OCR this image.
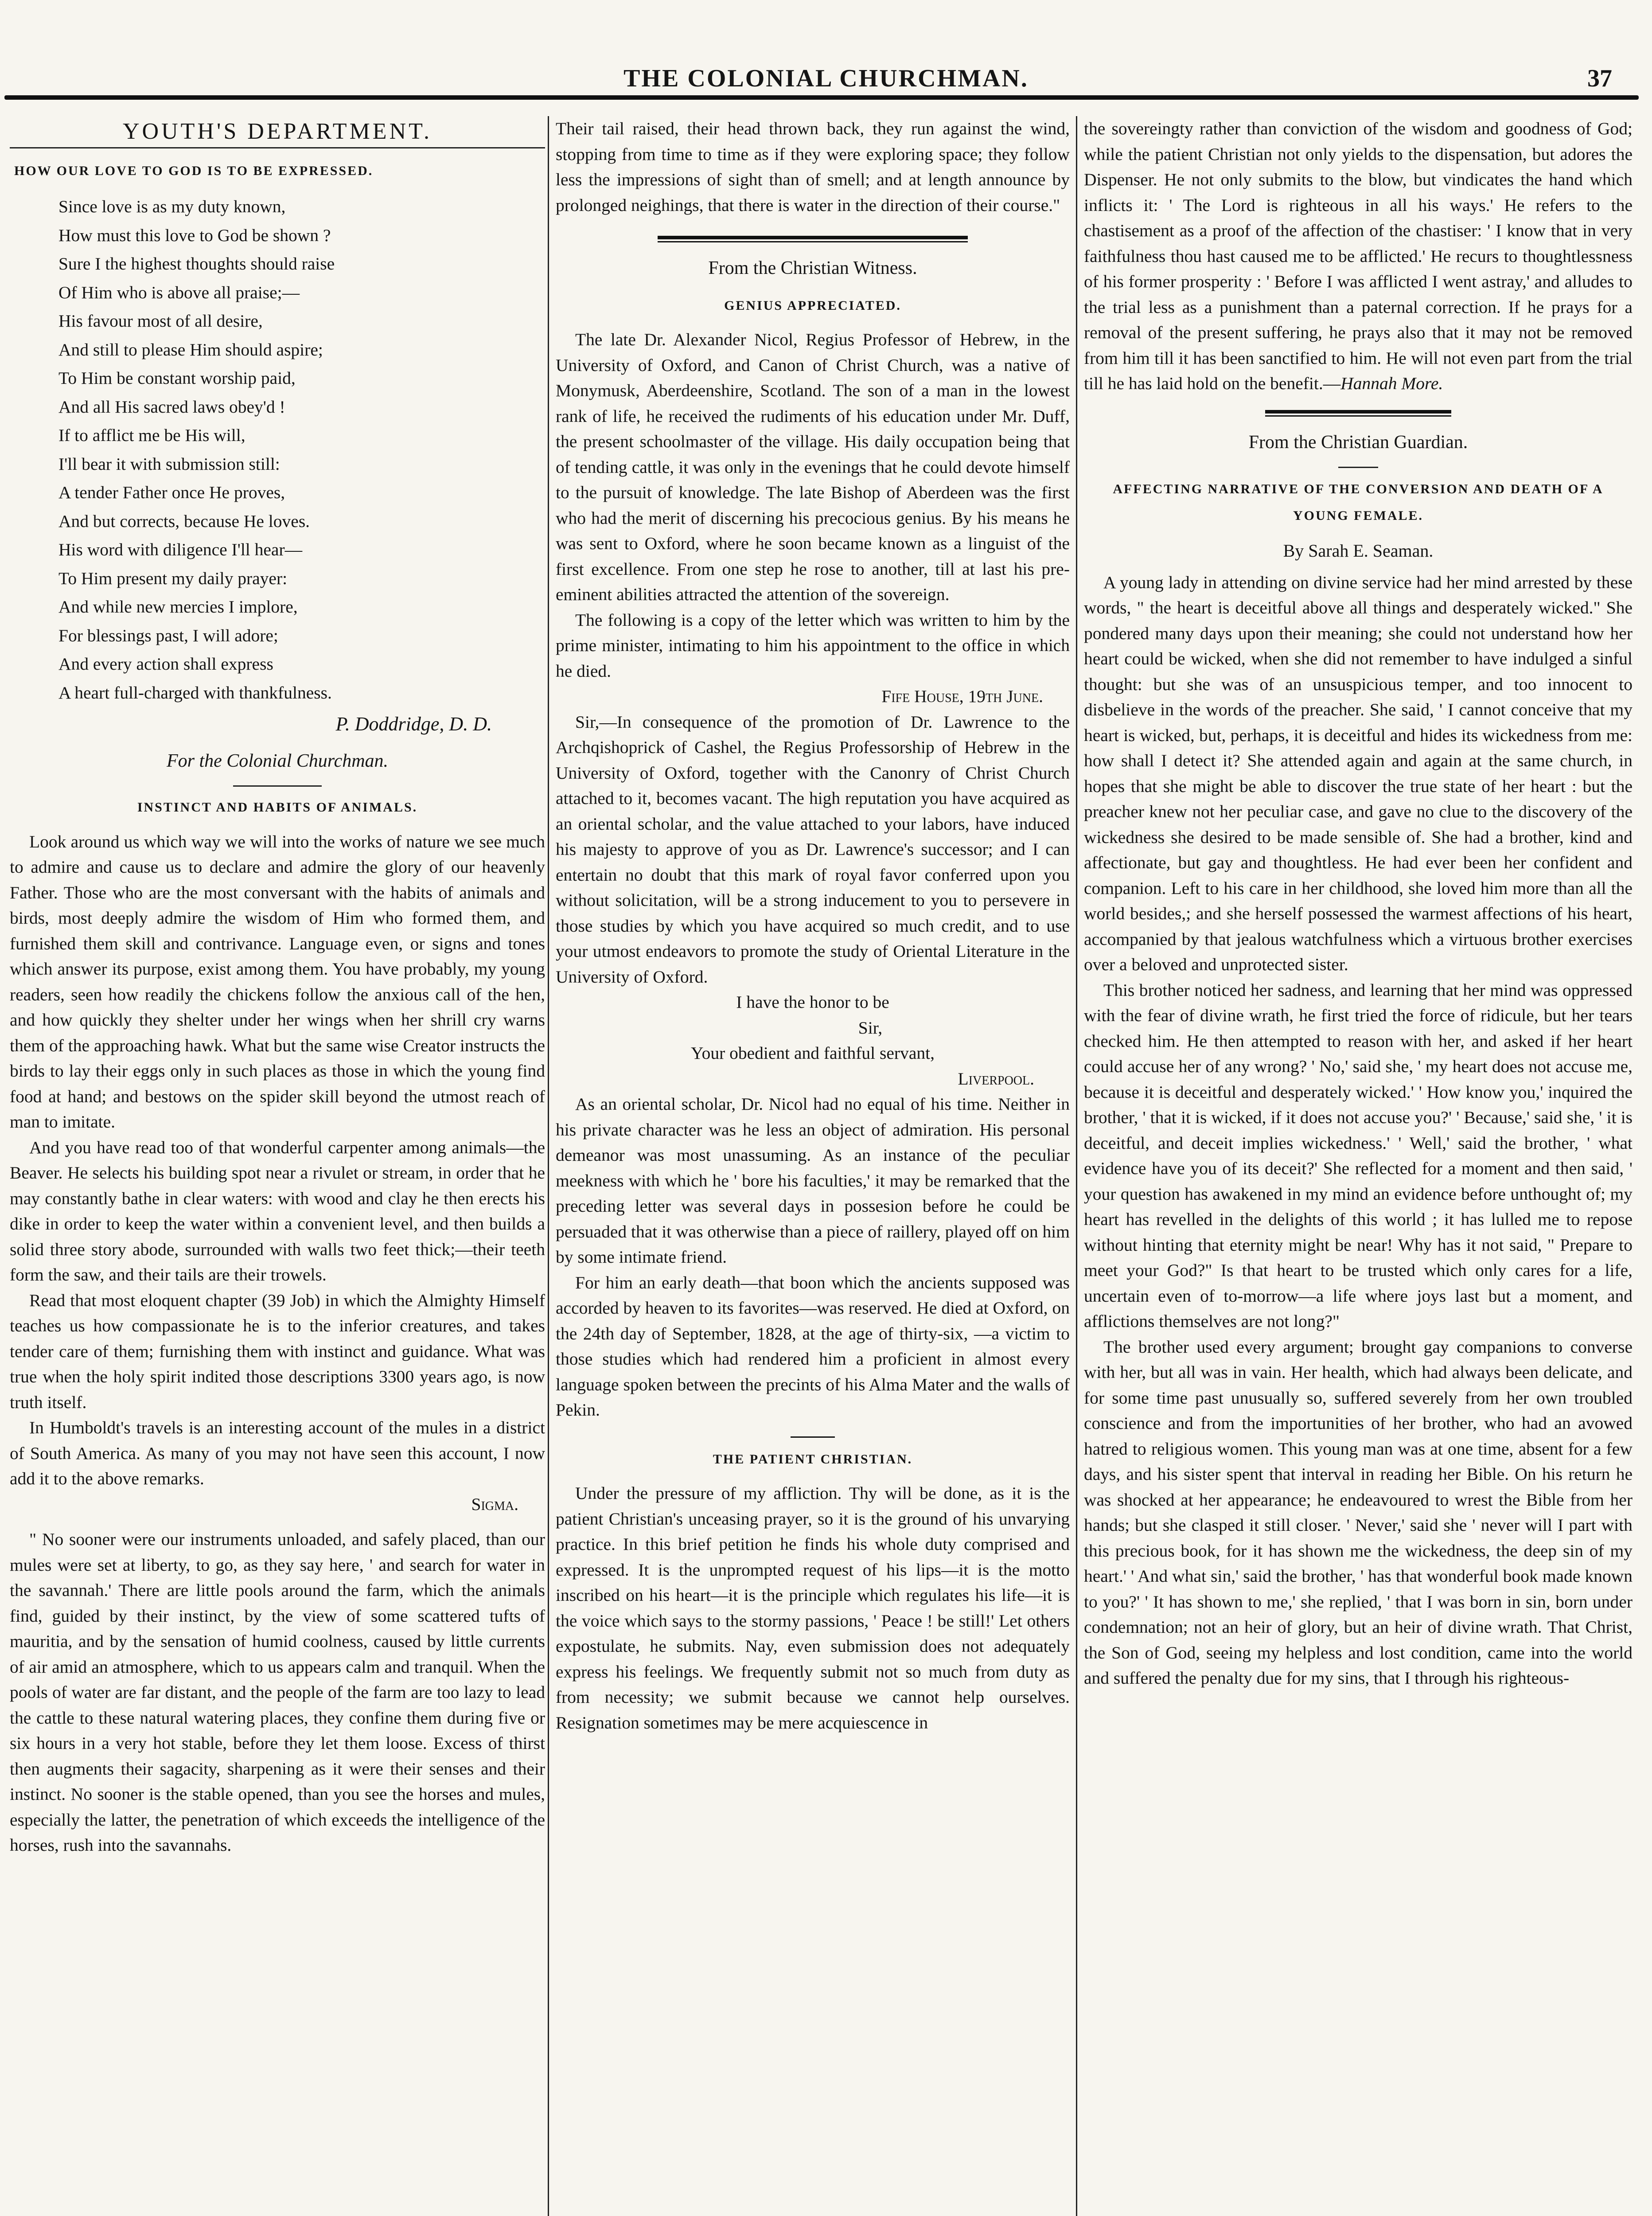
THE COLONIAL CHURCHMAN.	37
YOUTH'S DEPARTMENT.
HOW OUR LOVE TO GOD IS TO BE EXPRESSED.
Since love is as my duty known,
How must this love to God be shown ?
Sure I the highest thoughts should raise
Of Him who is above all praise;—
His favour most of all desire,
And still to please Him should aspire;
To Him be constant worship paid,
And all His sacred laws obey'd !
If to afflict me be His will,
I'll bear it with submission still:
A tender Father once He proves,
And but corrects, because He loves.
His word with diligence I'll hear—
To Him present my daily prayer:
And while new mercies I implore,
For blessings past, I will adore;
And every action shall express
A heart full-charged with thankfulness.
P. Doddridge, D. D.
For the Colonial Churchman.
INSTINCT AND HABITS OF ANIMALS.

Look around us which way we will into the works of nature we see much to admire and cause us to declare and admire the glory of our heavenly Father. Those who are the most conversant with the habits of animals and birds, most deeply admire the wisdom of Him who formed them, and furnished them skill and contrivance. Language even, or signs and tones which answer its purpose, exist among them. You have probably, my young readers, seen how readily the chickens follow the anxious call of the hen, and how quickly they shelter under her wings when her shrill cry warns them of the approaching hawk. What but the same wise Creator instructs the birds to lay their eggs only in such places as those in which the young find food at hand; and bestows on the spider skill beyond the utmost reach of man to imitate.

And you have read too of that wonderful carpenter among animals—the Beaver. He selects his building spot near a rivulet or stream, in order that he may constantly bathe in clear waters: with wood and clay he then erects his dike in order to keep the water within a convenient level, and then builds a solid three story abode, surrounded with walls two feet thick;—their teeth form the saw, and their tails are their trowels.

Read that most eloquent chapter (39 Job) in which the Almighty Himself teaches us how compassionate he is to the inferior creatures, and takes tender care of them; furnishing them with instinct and guidance. What was true when the holy spirit indited those descriptions 3300 years ago, is now truth itself.

In Humboldt's travels is an interesting account of the mules in a district of South America. As many of you may not have seen this account, I now add it to the above remarks.

Sigma.

" No sooner were our instruments unloaded, and safely placed, than our mules were set at liberty, to go, as they say here, ' and search for water in the savannah.' There are little pools around the farm, which the animals find, guided by their instinct, by the view of some scattered tufts of mauritia, and by the sensation of humid coolness, caused by little currents of air amid an atmosphere, which to us appears calm and tranquil. When the pools of water are far distant, and the people of the farm are too lazy to lead the cattle to these natural watering places, they confine them during five or six hours in a very hot stable, before they let them loose. Excess of thirst then augments their sagacity, sharpening as it were their senses and their instinct. No sooner is the stable opened, than you see the horses and mules, especially the latter, the penetration of which exceeds the intelligence of the horses, rush into the savannahs.

Their tail raised, their head thrown back, they run against the wind, stopping from time to time as if they were exploring space; they follow less the impressions of sight than of smell; and at length announce by prolonged neighings, that there is water in the direction of their course."

From the Christian Witness.
GENIUS APPRECIATED.

The late Dr. Alexander Nicol, Regius Professor of Hebrew, in the University of Oxford, and Canon of Christ Church, was a native of Monymusk, Aberdeenshire, Scotland. The son of a man in the lowest rank of life, he received the rudiments of his education under Mr. Duff, the present schoolmaster of the village. His daily occupation being that of tending cattle, it was only in the evenings that he could devote himself to the pursuit of knowledge. The late Bishop of Aberdeen was the first who had the merit of discerning his precocious genius. By his means he was sent to Oxford, where he soon became known as a linguist of the first excellence. From one step he rose to another, till at last his pre-eminent abilities attracted the attention of the sovereign.

The following is a copy of the letter which was written to him by the prime minister, intimating to him his appointment to the office in which he died.

Fife House, 19th June.

Sir,—In consequence of the promotion of Dr. Lawrence to the Archqishoprick of Cashel, the Regius Professorship of Hebrew in the University of Oxford, together with the Canonry of Christ Church attached to it, becomes vacant. The high reputation you have acquired as an oriental scholar, and the value attached to your labors, have induced his majesty to approve of you as Dr. Lawrence's successor; and I can entertain no doubt that this mark of royal favor conferred upon you without solicitation, will be a strong inducement to you to persevere in those studies by which you have acquired so much credit, and to use your utmost endeavors to promote the study of Oriental Literature in the University of Oxford.

I have the honor to be

Sir,

Your obedient and faithful servant,

Liverpool.

As an oriental scholar, Dr. Nicol had no equal of his time. Neither in his private character was he less an object of admiration. His personal demeanor was most unassuming. As an instance of the peculiar meekness with which he ' bore his faculties,' it may be remarked that the preceding letter was several days in possesion before he could be persuaded that it was otherwise than a piece of raillery, played off on him by some intimate friend.

For him an early death—that boon which the ancients supposed was accorded by heaven to its favorites—was reserved. He died at Oxford, on the 24th day of September, 1828, at the age of thirty-six, —a victim to those studies which had rendered him a proficient in almost every language spoken between the precints of his Alma Mater and the walls of Pekin.

THE PATIENT CHRISTIAN.

Under the pressure of my affliction. Thy will be done, as it is the patient Christian's unceasing prayer, so it is the ground of his unvarying practice. In this brief petition he finds his whole duty comprised and expressed. It is the unprompted request of his lips—it is the motto inscribed on his heart—it is the principle which regulates his life—it is the voice which says to the stormy passions, ' Peace ! be still!' Let others expostulate, he submits. Nay, even submission does not adequately express his feelings. We frequently submit not so much from duty as from necessity; we submit because we cannot help ourselves. Resignation sometimes may be mere acquiescence in

the sovereingty rather than conviction of the wisdom and goodness of God; while the patient Christian not only yields to the dispensation, but adores the Dispenser. He not only submits to the blow, but vindicates the hand which inflicts it: ' The Lord is righteous in all his ways.' He refers to the chastisement as a proof of the affection of the chastiser: ' I know that in very faithfulness thou hast caused me to be afflicted.' He recurs to thoughtlessness of his former prosperity : ' Before I was afflicted I went astray,' and alludes to the trial less as a punishment than a paternal correction. If he prays for a removal of the present suffering, he prays also that it may not be removed from him till it has been sanctified to him. He will not even part from the trial till he has laid hold on the benefit.—Hannah More.

From the Christian Guardian.
AFFECTING NARRATIVE OF THE CONVERSION AND DEATH OF A YOUNG FEMALE.
By Sarah E. Seaman.

A young lady in attending on divine service had her mind arrested by these words, " the heart is deceitful above all things and desperately wicked." She pondered many days upon their meaning; she could not understand how her heart could be wicked, when she did not remember to have indulged a sinful thought: but she was of an unsuspicious temper, and too innocent to disbelieve in the words of the preacher. She said, ' I cannot conceive that my heart is wicked, but, perhaps, it is deceitful and hides its wickedness from me: how shall I detect it? She attended again and again at the same church, in hopes that she might be able to discover the true state of her heart : but the preacher knew not her peculiar case, and gave no clue to the discovery of the wickedness she desired to be made sensible of. She had a brother, kind and affectionate, but gay and thoughtless. He had ever been her confident and companion. Left to his care in her childhood, she loved him more than all the world besides,; and she herself possessed the warmest affections of his heart, accompanied by that jealous watchfulness which a virtuous brother exercises over a beloved and unprotected sister.

This brother noticed her sadness, and learning that her mind was oppressed with the fear of divine wrath, he first tried the force of ridicule, but her tears checked him. He then attempted to reason with her, and asked if her heart could accuse her of any wrong? ' No,' said she, ' my heart does not accuse me, because it is deceitful and desperately wicked.' ' How know you,' inquired the brother, ' that it is wicked, if it does not accuse you?' ' Because,' said she, ' it is deceitful, and deceit implies wickedness.' ' Well,' said the brother, ' what evidence have you of its deceit?' She reflected for a moment and then said, ' your question has awakened in my mind an evidence before unthought of; my heart has revelled in the delights of this world ; it has lulled me to repose without hinting that eternity might be near! Why has it not said, " Prepare to meet your God?" Is that heart to be trusted which only cares for a life, uncertain even of to-morrow—a life where joys last but a moment, and afflictions themselves are not long?"

The brother used every argument; brought gay companions to converse with her, but all was in vain. Her health, which had always been delicate, and for some time past unusually so, suffered severely from her own troubled conscience and from the importunities of her brother, who had an avowed hatred to religious women. This young man was at one time, absent for a few days, and his sister spent that interval in reading her Bible. On his return he was shocked at her appearance; he endeavoured to wrest the Bible from her hands; but she clasped it still closer. ' Never,' said she ' never will I part with this precious book, for it has shown me the wickedness, the deep sin of my heart.' ' And what sin,' said the brother, ' has that wonderful book made known to you?' ' It has shown to me,' she replied, ' that I was born in sin, born under condemnation; not an heir of glory, but an heir of divine wrath. That Christ, the Son of God, seeing my helpless and lost condition, came into the world and suffered the penalty due for my sins, that I through his righteous-
